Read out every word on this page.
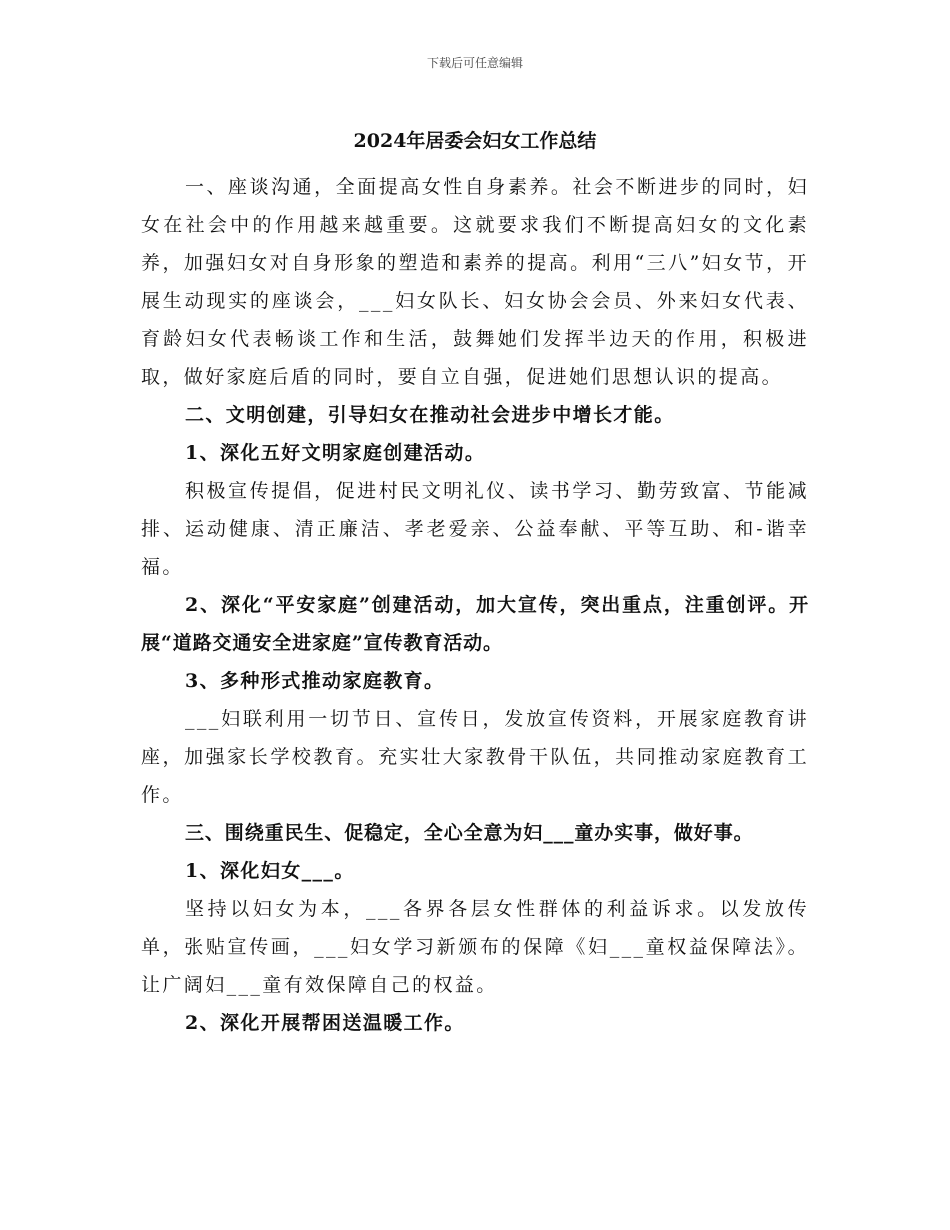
下载后可任意编辑
2024年居委会妇女工作总结

一、座谈沟通，全面提高女性自身素养。社会不断进步的同时，妇女在社会中的作用越来越重要。这就要求我们不断提高妇女的文化素养，加强妇女对自身形象的塑造和素养的提高。利用“三八”妇女节，开展生动现实的座谈会，___妇女队长、妇女协会会员、外来妇女代表、育龄妇女代表畅谈工作和生活，鼓舞她们发挥半边天的作用，积极进取，做好家庭后盾的同时，要自立自强，促进她们思想认识的提高。

二、文明创建，引导妇女在推动社会进步中增长才能。

1、深化五好文明家庭创建活动。

积极宣传提倡，促进村民文明礼仪、读书学习、勤劳致富、节能减排、运动健康、清正廉洁、孝老爱亲、公益奉献、平等互助、和-谐幸福。

2、深化“平安家庭”创建活动，加大宣传，突出重点，注重创评。开展“道路交通安全进家庭”宣传教育活动。

3、多种形式推动家庭教育。

___妇联利用一切节日、宣传日，发放宣传资料，开展家庭教育讲座，加强家长学校教育。充实壮大家教骨干队伍，共同推动家庭教育工作。

三、围绕重民生、促稳定，全心全意为妇___童办实事，做好事。

1、深化妇女___。

坚持以妇女为本，___各界各层女性群体的利益诉求。以发放传单，张贴宣传画，___妇女学习新颁布的保障《妇___童权益保障法》。让广阔妇___童有效保障自己的权益。

2、深化开展帮困送温暖工作。
